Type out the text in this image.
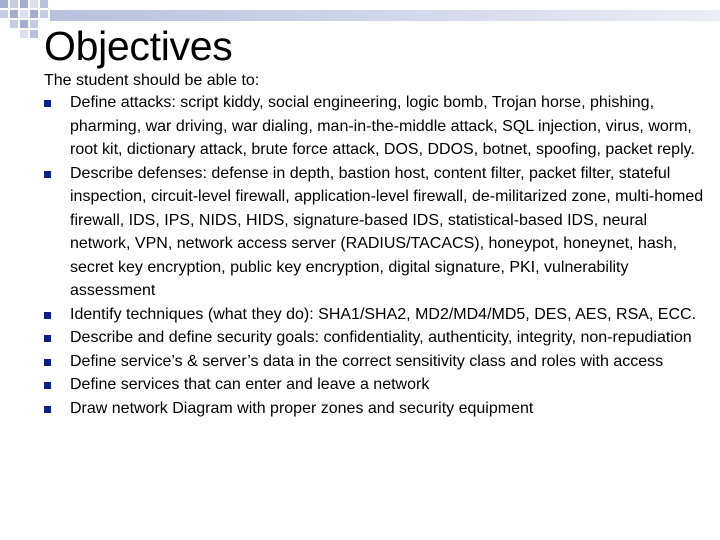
Objectives
The student should be able to:
Define attacks: script kiddy, social engineering, logic bomb, Trojan horse, phishing, pharming, war driving, war dialing, man-in-the-middle attack, SQL injection, virus, worm, root kit, dictionary attack, brute force attack, DOS, DDOS, botnet, spoofing, packet reply.
Describe defenses: defense in depth, bastion host, content filter, packet filter, stateful inspection, circuit-level firewall, application-level firewall, de-militarized zone, multi-homed firewall, IDS, IPS, NIDS, HIDS, signature-based IDS, statistical-based IDS, neural network, VPN, network access server (RADIUS/TACACS), honeypot, honeynet, hash, secret key encryption, public key encryption, digital signature, PKI, vulnerability assessment
Identify techniques (what they do): SHA1/SHA2, MD2/MD4/MD5, DES, AES, RSA, ECC.
Describe and define security goals: confidentiality, authenticity, integrity, non-repudiation
Define service’s & server’s data in the correct sensitivity class and roles with access
Define services that can enter and leave a network
Draw network Diagram with proper zones and security equipment
